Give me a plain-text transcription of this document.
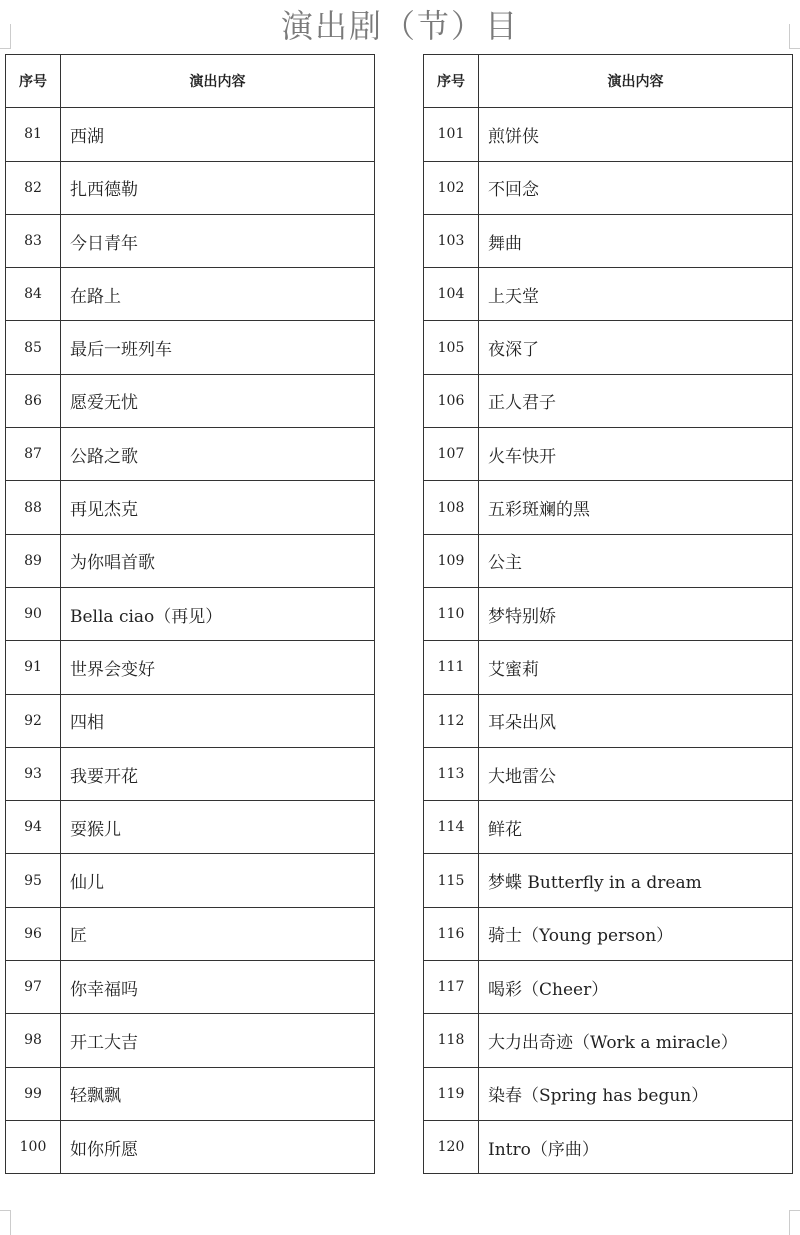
演出剧（节）目
序号	演出内容
81	西湖
82	扎西德勒
83	今日青年
84	在路上
85	最后一班列车
86	愿爱无忧
87	公路之歌
88	再见杰克
89	为你唱首歌
90	Bella ciao（再见）
91	世界会变好
92	四相
93	我要开花
94	耍猴儿
95	仙儿
96	匠
97	你幸福吗
98	开工大吉
99	轻飘飘
100	如你所愿
序号	演出内容
101	煎饼侠
102	不回念
103	舞曲
104	上天堂
105	夜深了
106	正人君子
107	火车快开
108	五彩斑斓的黑
109	公主
110	梦特别娇
111	艾蜜莉
112	耳朵出风
113	大地雷公
114	鲜花
115	梦蝶 Butterfly in a dream
116	骑士（Young person）
117	喝彩（Cheer）
118	大力出奇迹（Work a miracle）
119	染春（Spring has begun）
120	Intro（序曲）
